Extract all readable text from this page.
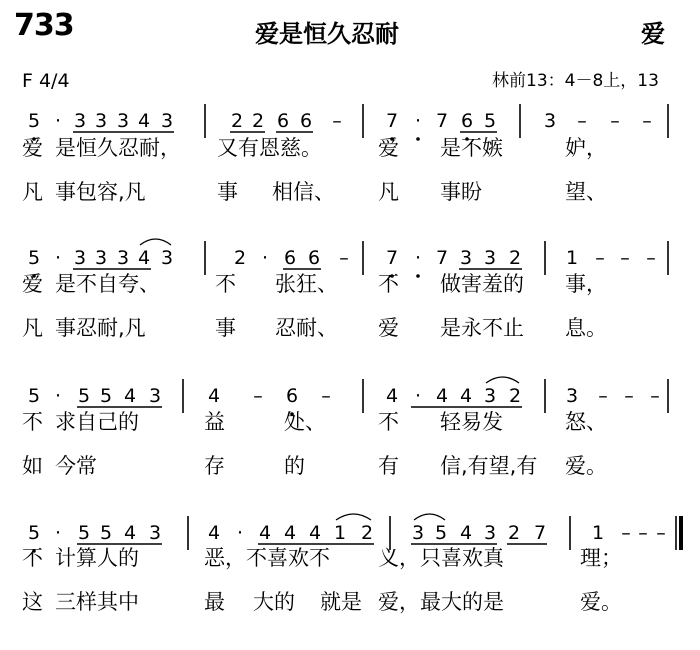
733	爱是恒久忍耐	爱
F 4/4	林前13：4－8上，13
5 · 3 3 3 4 3	2 2 6 6 – 7 · 7 6 5	3 – – –
5 · 3 3 3 4 3	2 · 6 6 – 7 · 7 3 3 2 1 – – –
5 · 5 5 4 3 4 – 6 –	4 · 4 4 3 2 3 – – –
5 · 5 5 4 3 4 · 4 4 4 1 2 3 5 4 3 2 7 1 – – –
爱 是恒久忍耐， 又有恩慈。	爱 是不嫉	妒，
凡 事包容,凡	事 相信、 凡 事盼	望、
爱 是不自夸、	不 张狂、 不 做害羞的 事，
凡 事忍耐,凡	事 忍耐、 爱 是永不止 息。
不 求自己的	益	处、 不 轻易发	怒、
如 今常	存	的	有 信,有望,有 爱。
不 计算人的	恶，不喜欢不 义，只喜欢真	理；
这 三样其中	最 大的 就是 爱，最大的是	爱。
